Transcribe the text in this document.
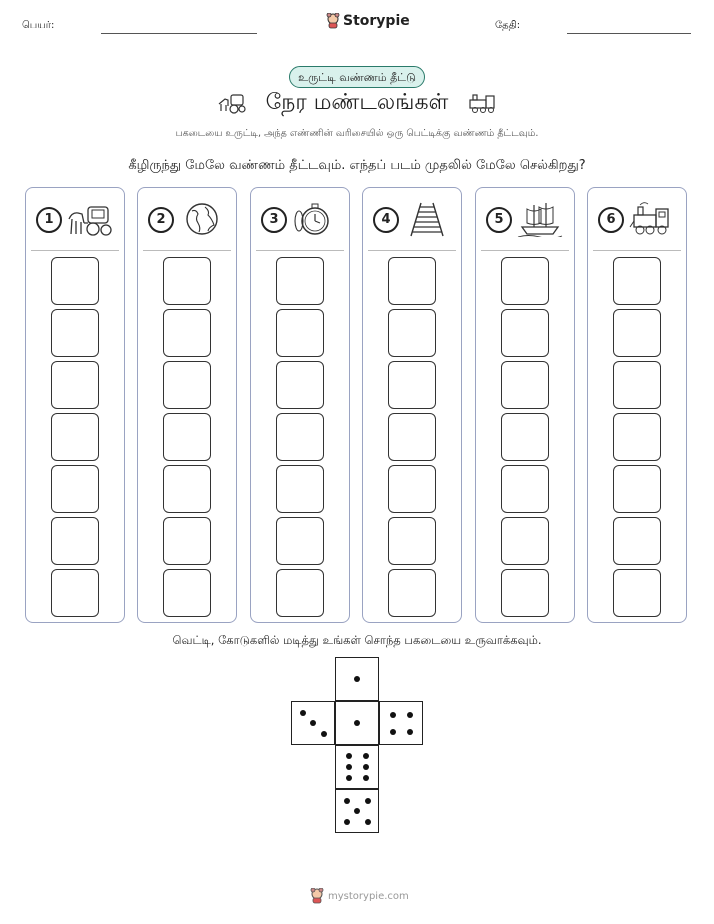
பெயர்:	Storypie	தேதி:
உருட்டி வண்ணம் தீட்டு
நேர மண்டலங்கள்
பகடையை உருட்டி, அந்த எண்ணின் வரிசையில் ஒரு பெட்டிக்கு வண்ணம் தீட்டவும்.
கீழிருந்து மேலே வண்ணம் தீட்டவும். எந்தப் படம் முதலில் மேலே செல்கிறது?
1	2	3	4	5	6
வெட்டி, கோடுகளில் மடித்து உங்கள் சொந்த பகடையை உருவாக்கவும்.
mystorypie.com
